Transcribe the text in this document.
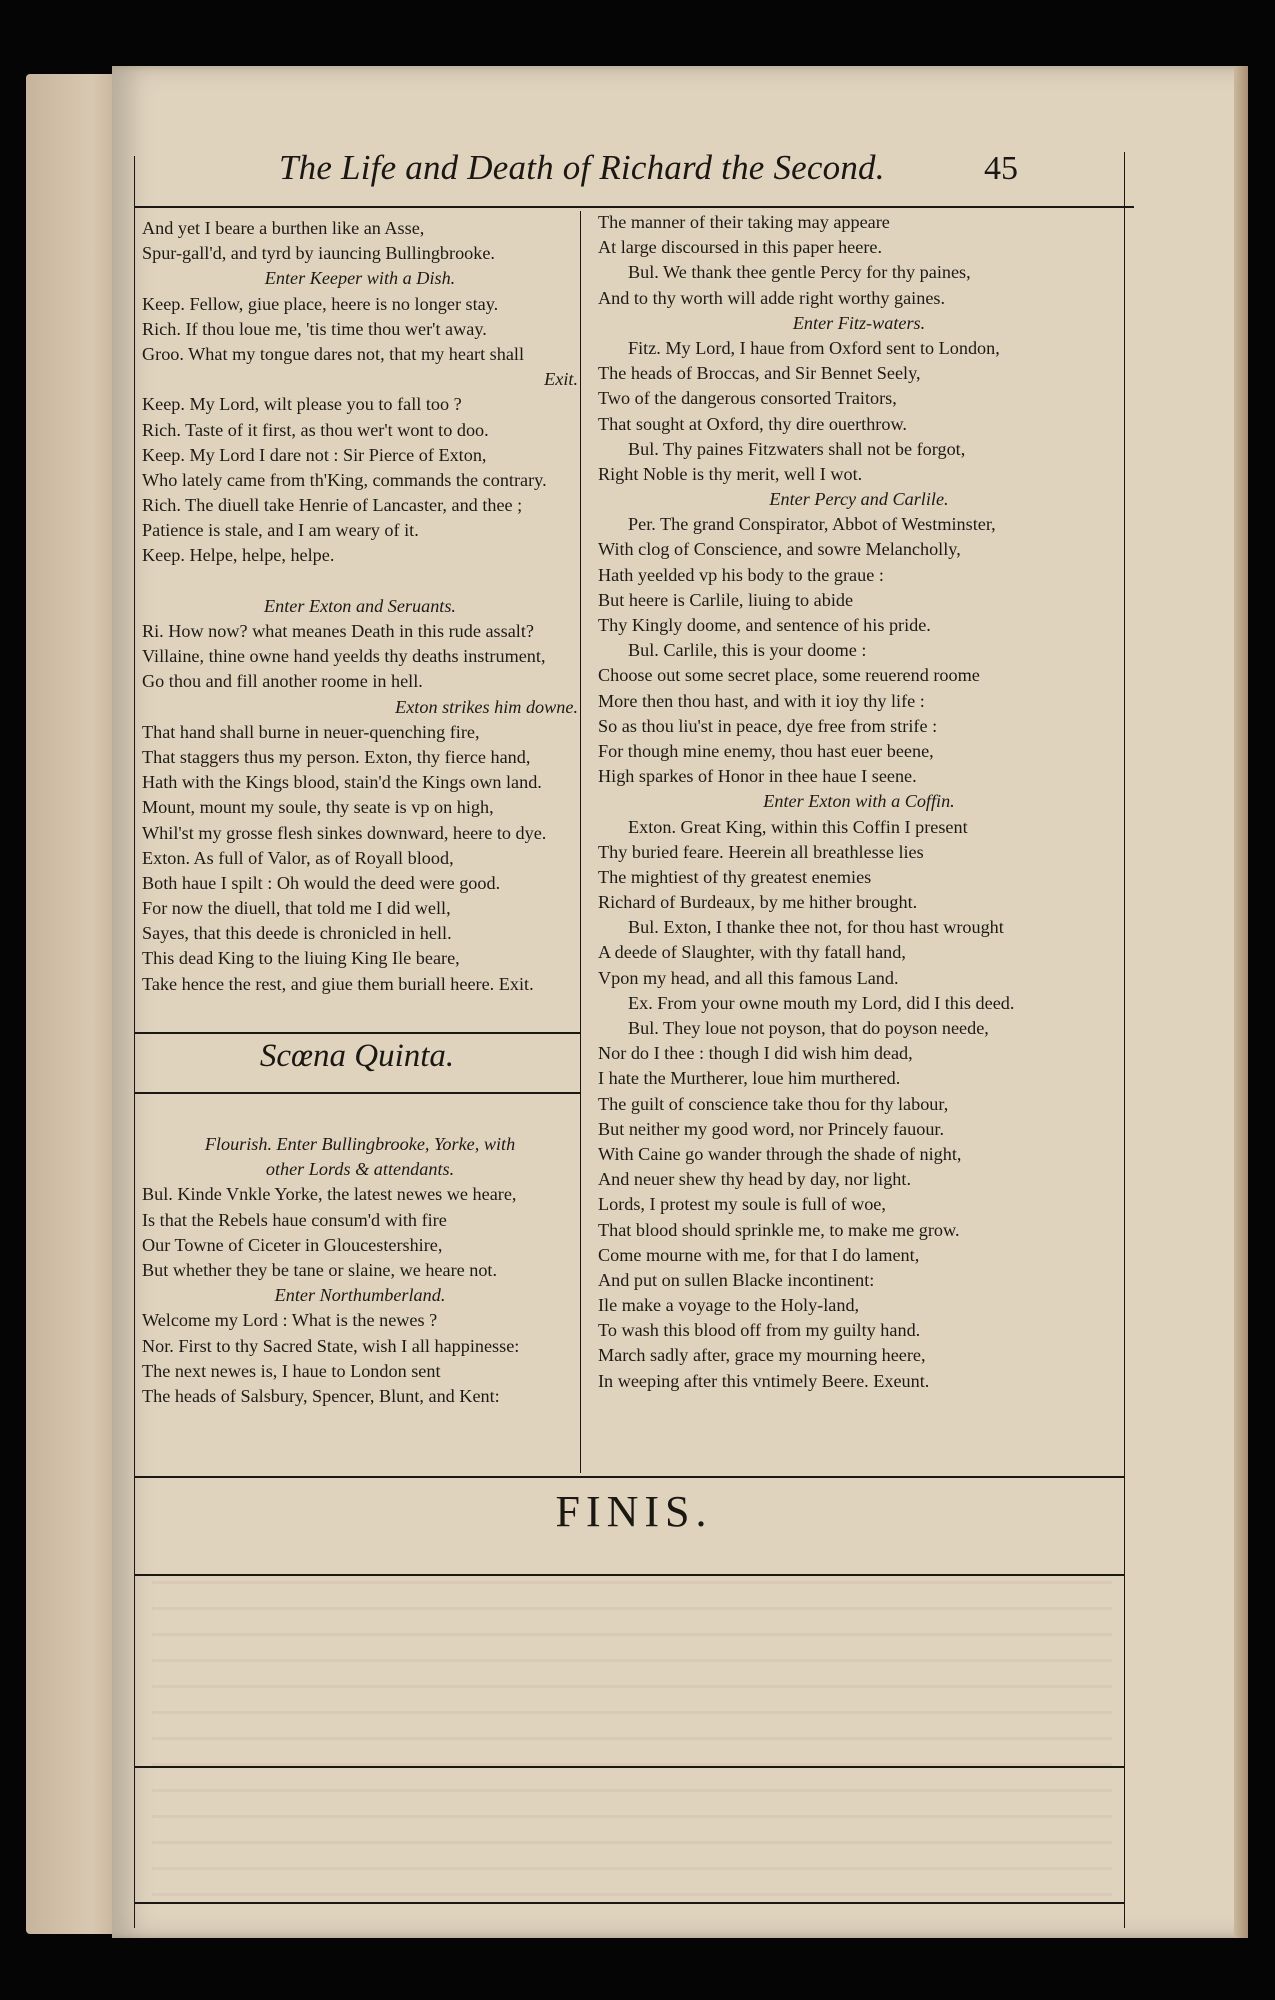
The Life and Death of Richard the Second.	45
And yet I beare a burthen like an Asse,
Spur-gall'd, and tyrd by iauncing Bullingbrooke.
Enter Keeper with a Dish.
Keep. Fellow, giue place, heere is no longer stay.
Rich. If thou loue me, 'tis time thou wer't away.
Groo. What my tongue dares not, that my heart shall
Exit.
Keep. My Lord, wilt please you to fall too ?
Rich. Taste of it first, as thou wer't wont to doo.
Keep. My Lord I dare not : Sir Pierce of Exton,
Who lately came from th'King, commands the contrary.
Rich. The diuell take Henrie of Lancaster, and thee ;
Patience is stale, and I am weary of it.
Keep. Helpe, helpe, helpe.
Enter Exton and Seruants.
Ri. How now? what meanes Death in this rude assalt?
Villaine, thine owne hand yeelds thy deaths instrument,
Go thou and fill another roome in hell.
Exton strikes him downe.
That hand shall burne in neuer-quenching fire,
That staggers thus my person. Exton, thy fierce hand,
Hath with the Kings blood, stain'd the Kings own land.
Mount, mount my soule, thy seate is vp on high,
Whil'st my grosse flesh sinkes downward, heere to dye.
Exton. As full of Valor, as of Royall blood,
Both haue I spilt : Oh would the deed were good.
For now the diuell, that told me I did well,
Sayes, that this deede is chronicled in hell.
This dead King to the liuing King Ile beare,
Take hence the rest, and giue them buriall heere. Exit.
Scœna Quinta.
Flourish. Enter Bullingbrooke, Yorke, with
other Lords & attendants.
Bul. Kinde Vnkle Yorke, the latest newes we heare,
Is that the Rebels haue consum'd with fire
Our Towne of Ciceter in Gloucestershire,
But whether they be tane or slaine, we heare not.
Enter Northumberland.
Welcome my Lord : What is the newes ?
Nor. First to thy Sacred State, wish I all happinesse:
The next newes is, I haue to London sent
The heads of Salsbury, Spencer, Blunt, and Kent:
The manner of their taking may appeare
At large discoursed in this paper heere.
Bul. We thank thee gentle Percy for thy paines,
And to thy worth will adde right worthy gaines.
Enter Fitz-waters.
Fitz. My Lord, I haue from Oxford sent to London,
The heads of Broccas, and Sir Bennet Seely,
Two of the dangerous consorted Traitors,
That sought at Oxford, thy dire ouerthrow.
Bul. Thy paines Fitzwaters shall not be forgot,
Right Noble is thy merit, well I wot.
Enter Percy and Carlile.
Per. The grand Conspirator, Abbot of Westminster,
With clog of Conscience, and sowre Melancholly,
Hath yeelded vp his body to the graue :
But heere is Carlile, liuing to abide
Thy Kingly doome, and sentence of his pride.
Bul. Carlile, this is your doome :
Choose out some secret place, some reuerend roome
More then thou hast, and with it ioy thy life :
So as thou liu'st in peace, dye free from strife :
For though mine enemy, thou hast euer beene,
High sparkes of Honor in thee haue I seene.
Enter Exton with a Coffin.
Exton. Great King, within this Coffin I present
Thy buried feare. Heerein all breathlesse lies
The mightiest of thy greatest enemies
Richard of Burdeaux, by me hither brought.
Bul. Exton, I thanke thee not, for thou hast wrought
A deede of Slaughter, with thy fatall hand,
Vpon my head, and all this famous Land.
Ex. From your owne mouth my Lord, did I this deed.
Bul. They loue not poyson, that do poyson neede,
Nor do I thee : though I did wish him dead,
I hate the Murtherer, loue him murthered.
The guilt of conscience take thou for thy labour,
But neither my good word, nor Princely fauour.
With Caine go wander through the shade of night,
And neuer shew thy head by day, nor light.
Lords, I protest my soule is full of woe,
That blood should sprinkle me, to make me grow.
Come mourne with me, for that I do lament,
And put on sullen Blacke incontinent:
Ile make a voyage to the Holy-land,
To wash this blood off from my guilty hand.
March sadly after, grace my mourning heere,
In weeping after this vntimely Beere. Exeunt.
FINIS.
